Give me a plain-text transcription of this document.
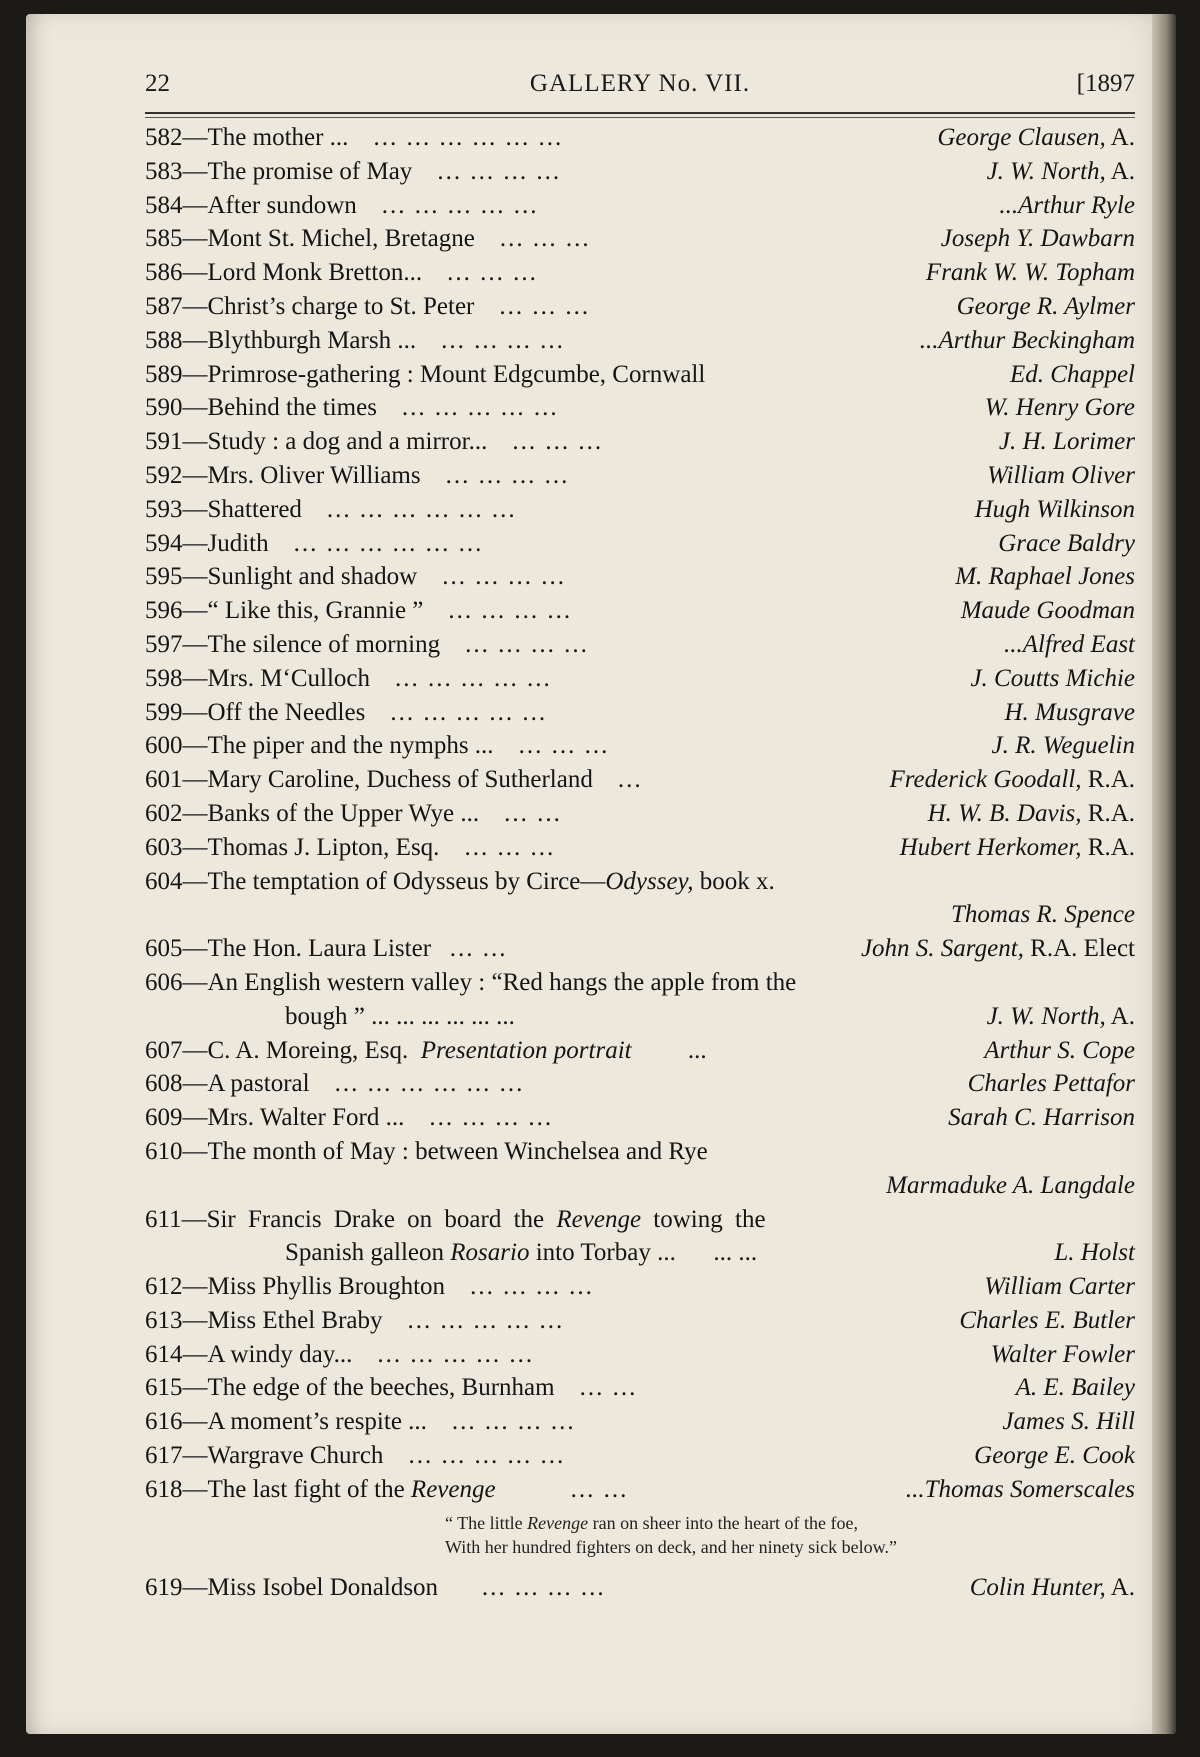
22	GALLERY No. VII.	[1897
582—The mother ... ... ... ... ... ... ...	George Clausen, A.
583—The promise of May ... ... ... ...	J. W. North, A.
584—After sundown ... ... ... ... ...	...Arthur Ryle
585—Mont St. Michel, Bretagne ... ... ...	Joseph Y. Dawbarn
586—Lord Monk Bretton... ... ... ...	Frank W. W. Topham
587—Christ’s charge to St. Peter ... ... ...	George R. Aylmer
588—Blythburgh Marsh ... ... ... ... ...	...Arthur Beckingham
589—Primrose-gathering : Mount Edgcumbe, Cornwall	Ed. Chappel
590—Behind the times ... ... ... ... ...	W. Henry Gore
591—Study : a dog and a mirror... ... ... ...	J. H. Lorimer
592—Mrs. Oliver Williams ... ... ... ...	William Oliver
593—Shattered ... ... ... ... ... ...	Hugh Wilkinson
594—Judith ... ... ... ... ... ...	Grace Baldry
595—Sunlight and shadow ... ... ... ...	M. Raphael Jones
596—“ Like this, Grannie ” ... ... ... ...	Maude Goodman
597—The silence of morning ... ... ... ...	...Alfred East
598—Mrs. M‘Culloch ... ... ... ... ...	J. Coutts Michie
599—Off the Needles ... ... ... ... ...	H. Musgrave
600—The piper and the nymphs ... ... ... ...	J. R. Weguelin
601—Mary Caroline, Duchess of Sutherland ...	Frederick Goodall, R.A.
602—Banks of the Upper Wye ... ... ...	H. W. B. Davis, R.A.
603—Thomas J. Lipton, Esq. ... ... ...	Hubert Herkomer, R.A.
604—The temptation of Odysseus by Circe—Odyssey, book x.
Thomas R. Spence
605—The Hon. Laura Lister ... ...	John S. Sargent, R.A. Elect
606—An English western valley : “Red hangs the apple from the
bough ” ... ... ... ... ... ...	J. W. North, A.
607—C. A. Moreing, Esq. Presentation portrait ...	Arthur S. Cope
608—A pastoral ... ... ... ... ... ...	Charles Pettafor
609—Mrs. Walter Ford ... ... ... ... ...	Sarah C. Harrison
610—The month of May : between Winchelsea and Rye
Marmaduke A. Langdale
611—Sir Francis Drake on board the Revenge towing the
Spanish galleon Rosario into Torbay ... ... ...	L. Holst
612—Miss Phyllis Broughton ... ... ... ...	William Carter
613—Miss Ethel Braby ... ... ... ... ...	Charles E. Butler
614—A windy day... ... ... ... ... ...	Walter Fowler
615—The edge of the beeches, Burnham ... ...	A. E. Bailey
616—A moment’s respite ... ... ... ... ...	James S. Hill
617—Wargrave Church ... ... ... ... ...	George E. Cook
618—The last fight of the Revenge	... ...	...Thomas Somerscales
“ The little Revenge ran on sheer into the heart of the foe,
With her hundred fighters on deck, and her ninety sick below.”
619—Miss Isobel Donaldson ... ... ... ...	Colin Hunter, A.
